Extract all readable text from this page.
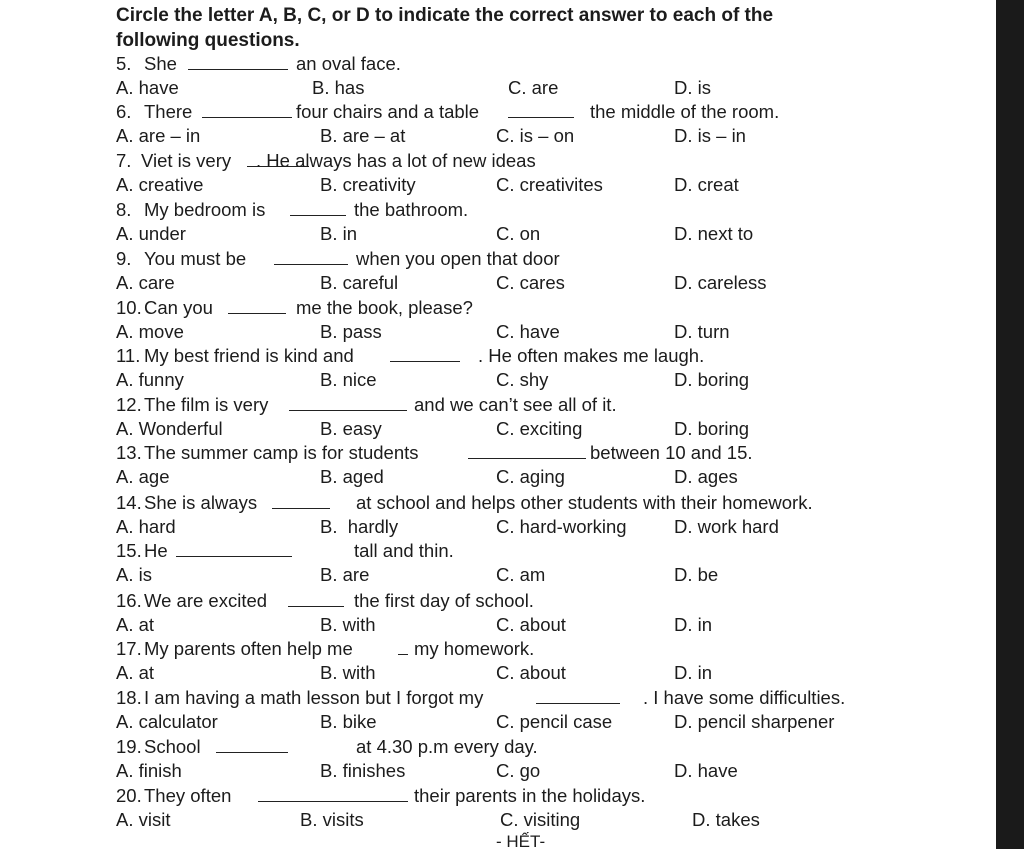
Circle the letter A, B, C, or D to indicate the correct answer to each of the
following questions.
5. She	an oval face.
A. have	B. has	C. are	D. is
6. There	four chairs and a table	the middle of the room.
A. are – in	B. are – at	C. is – on	D. is – in
7. Viet is very . He always has a lot of new ideas
A. creative	B. creativity	C. creativites	D. creat
8. My bedroom is	the bathroom.
A. under	B. in	C. on	D. next to
9. You must be	when you open that door
A. care	B. careful	C. cares	D. careless
10. Can you	me the book, please?
A. move	B. pass	C. have	D. turn
11. My best friend is kind and	. He often makes me laugh.
A. funny	B. nice	C. shy	D. boring
12. The film is very	and we can’t see all of it.
A. Wonderful	B. easy	C. exciting	D. boring
13. The summer camp is for students	between 10 and 15.
A. age	B. aged	C. aging	D. ages
14. She is always	at school and helps other students with their homework.
A. hard	B.  hardly	C. hard-working	D. work hard
15. He	tall and thin.
A. is	B. are	C. am	D. be
16. We are excited	the first day of school.
A. at	B. with	C. about	D. in
17. My parents often help me	my homework.
A. at	B. with	C. about	D. in
18. I am having a math lesson but I forgot my	. I have some difficulties.
A. calculator	B. bike	C. pencil case	D. pencil sharpener
19. School	at 4.30 p.m every day.
A. finish	B. finishes	C. go	D. have
20. They often	their parents in the holidays.
A. visit	B. visits	C. visiting	D. takes
- HẾT-
